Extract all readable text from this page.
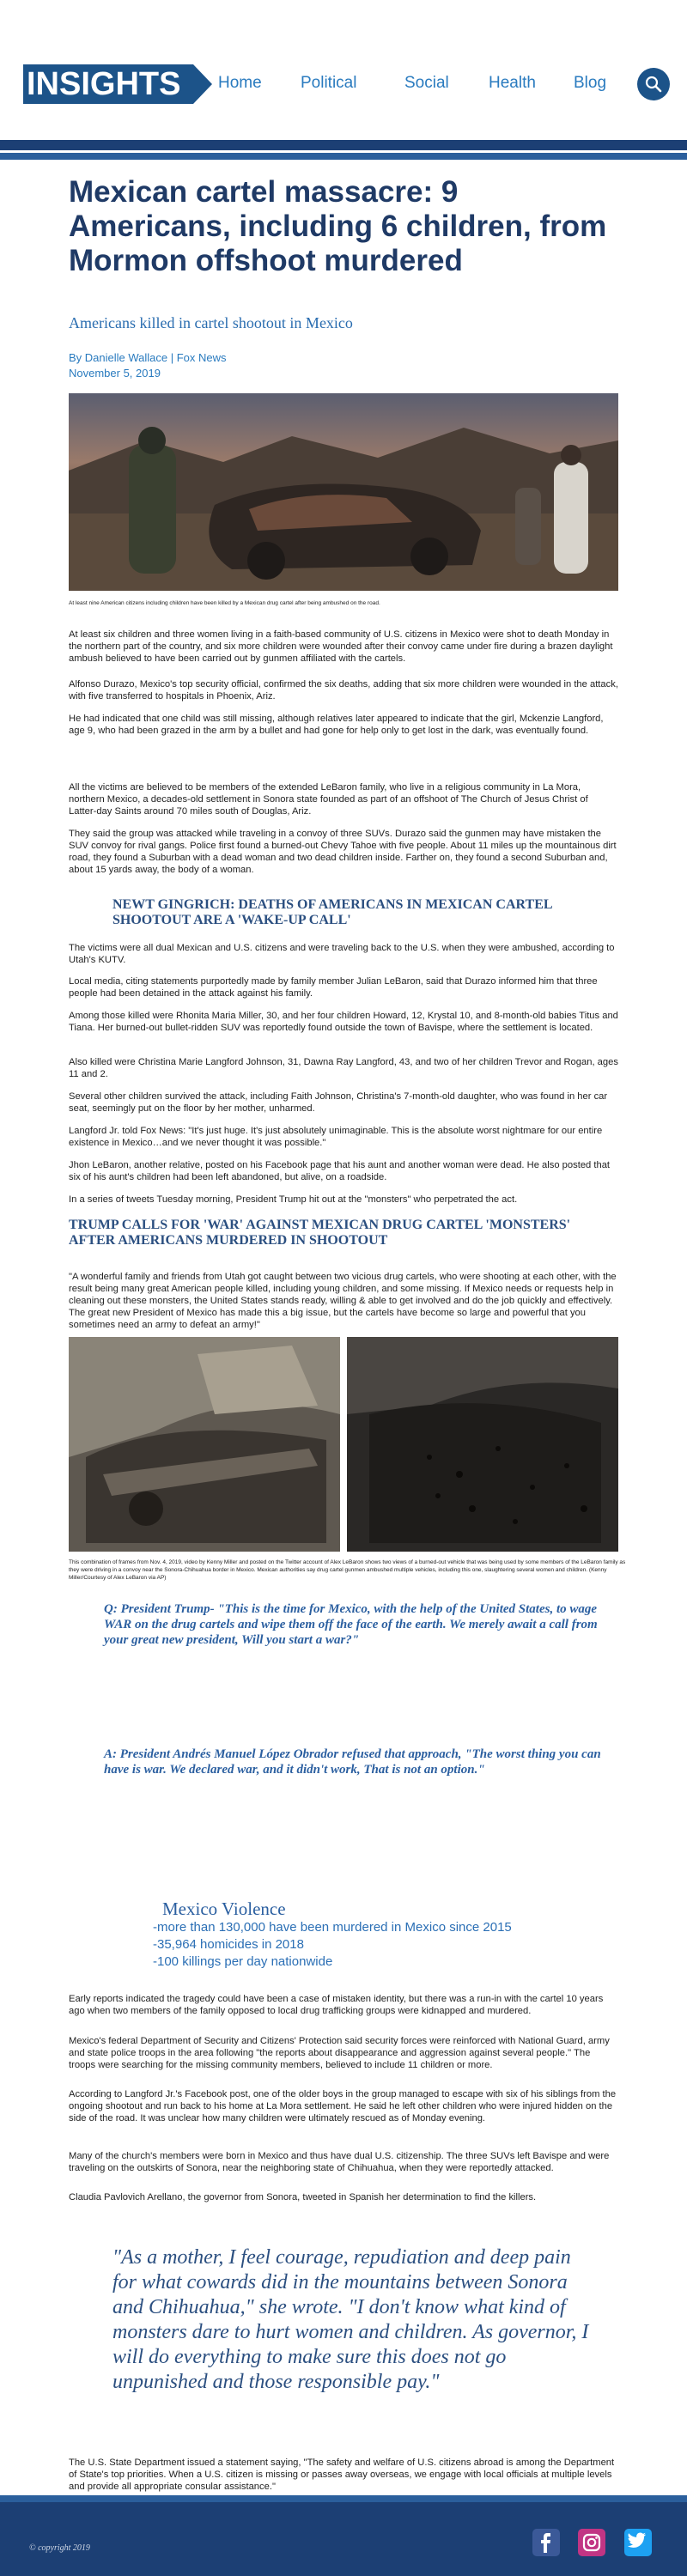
INSIGHTS Home Political	Social Health Blog
Mexican cartel massacre: 9 Americans, including 6 children, from Mormon offshoot murdered
Americans killed in cartel shootout in Mexico
By Danielle Wallace | Fox News
November 5, 2019
At least nine American citizens including children have been killed by a Mexican drug cartel after being ambushed on the road.

At least six children and three women living in a faith-based community of U.S. citizens in Mexico were shot to death Monday in the northern part of the country, and six more children were wounded after their convoy came under fire during a brazen daylight ambush believed to have been carried out by gunmen affiliated with the cartels.

Alfonso Durazo, Mexico's top security official, confirmed the six deaths, adding that six more children were wounded in the attack, with five transferred to hospitals in Phoenix, Ariz.

He had indicated that one child was still missing, although relatives later appeared to indicate that the girl, Mckenzie Langford, age 9, who had been grazed in the arm by a bullet and had gone for help only to get lost in the dark, was eventually found.

All the victims are believed to be members of the extended LeBaron family, who live in a religious community in La Mora, northern Mexico, a decades-old settlement in Sonora state founded as part of an offshoot of The Church of Jesus Christ of Latter-day Saints around 70 miles south of Douglas, Ariz.

They said the group was attacked while traveling in a convoy of three SUVs. Durazo said the gunmen may have mistaken the SUV convoy for rival gangs. Police first found a burned-out Chevy Tahoe with five people. About 11 miles up the mountainous dirt road, they found a Suburban with a dead woman and two dead children inside. Farther on, they found a second Suburban and, about 15 yards away, the body of a woman.

NEWT GINGRICH: DEATHS OF AMERICANS IN MEXICAN CARTEL SHOOTOUT ARE A 'WAKE-UP CALL'

The victims were all dual Mexican and U.S. citizens and were traveling back to the U.S. when they were ambushed, according to Utah's KUTV.

Local media, citing statements purportedly made by family member Julian LeBaron, said that Durazo informed him that three people had been detained in the attack against his family.

Among those killed were Rhonita Maria Miller, 30, and her four children Howard, 12, Krystal 10, and 8-month-old babies Titus and Tiana. Her burned-out bullet-ridden SUV was reportedly found outside the town of Bavispe, where the settlement is located.

Also killed were Christina Marie Langford Johnson, 31, Dawna Ray Langford, 43, and two of her children Trevor and Rogan, ages 11 and 2.

Several other children survived the attack, including Faith Johnson, Christina's 7-month-old daughter, who was found in her car seat, seemingly put on the floor by her mother, unharmed.

Langford Jr. told Fox News: "It's just huge. It's just absolutely unimaginable. This is the absolute worst nightmare for our entire existence in Mexico…and we never thought it was possible."

Jhon LeBaron, another relative, posted on his Facebook page that his aunt and another woman were dead. He also posted that six of his aunt's children had been left abandoned, but alive, on a roadside.

In a series of tweets Tuesday morning, President Trump hit out at the "monsters" who perpetrated the act.

TRUMP CALLS FOR 'WAR' AGAINST MEXICAN DRUG CARTEL 'MONSTERS' AFTER AMERICANS MURDERED IN SHOOTOUT

"A wonderful family and friends from Utah got caught between two vicious drug cartels, who were shooting at each other, with the result being many great American people killed, including young children, and some missing. If Mexico needs or requests help in cleaning out these monsters, the United States stands ready, willing & able to get involved and do the job quickly and effectively. The great new President of Mexico has made this a big issue, but the cartels have become so large and powerful that you sometimes need an army to defeat an army!"

This combination of frames from Nov. 4, 2019, video by Kenny Miller and posted on the Twitter account of Alex LeBaron shows two views of a burned-out vehicle that was being used by some members of the LeBaron family as they were driving in a convoy near the Sonora-Chihuahua border in Mexico. Mexican authorities say drug cartel gunmen ambushed multiple vehicles, including this one, slaughtering several women and children. (Kenny Miller/Courtesy of Alex LeBaron via AP)
Q: President Trump- "This is the time for Mexico, with the help of the United States, to wage WAR on the drug cartels and wipe them off the face of the earth. We merely await a call from your great new president, Will you start a war?"
A: President Andrés Manuel López Obrador refused that approach, "The worst thing you can have is war. We declared war, and it didn't work, That is not an option."
Mexico Violence
-more than 130,000 have been murdered in Mexico since 2015
-35,964 homicides in 2018
-100 killings per day nationwide

Early reports indicated the tragedy could have been a case of mistaken identity, but there was a run-in with the cartel 10 years ago when two members of the family opposed to local drug trafficking groups were kidnapped and murdered.

Mexico's federal Department of Security and Citizens' Protection said security forces were reinforced with National Guard, army and state police troops in the area following "the reports about disappearance and aggression against several people." The troops were searching for the missing community members, believed to include 11 children or more.

According to Langford Jr.'s Facebook post, one of the older boys in the group managed to escape with six of his siblings from the ongoing shootout and run back to his home at La Mora settlement. He said he left other children who were injured hidden on the side of the road. It was unclear how many children were ultimately rescued as of Monday evening.

Many of the church's members were born in Mexico and thus have dual U.S. citizenship. The three SUVs left Bavispe and were traveling on the outskirts of Sonora, near the neighboring state of Chihuahua, when they were reportedly attacked.

Claudia Pavlovich Arellano, the governor from Sonora, tweeted in Spanish her determination to find the killers.

"As a mother, I feel courage, repudiation and deep pain for what cowards did in the mountains between Sonora and Chihuahua," she wrote. "I don't know what kind of monsters dare to hurt women and children. As governor, I will do everything to make sure this does not go unpunished and those responsible pay."

The U.S. State Department issued a statement saying, "The safety and welfare of U.S. citizens abroad is among the Department of State's top priorities. When a U.S. citizen is missing or passes away overseas, we engage with local officials at multiple levels and provide all appropriate consular assistance."

© copyright 2019
